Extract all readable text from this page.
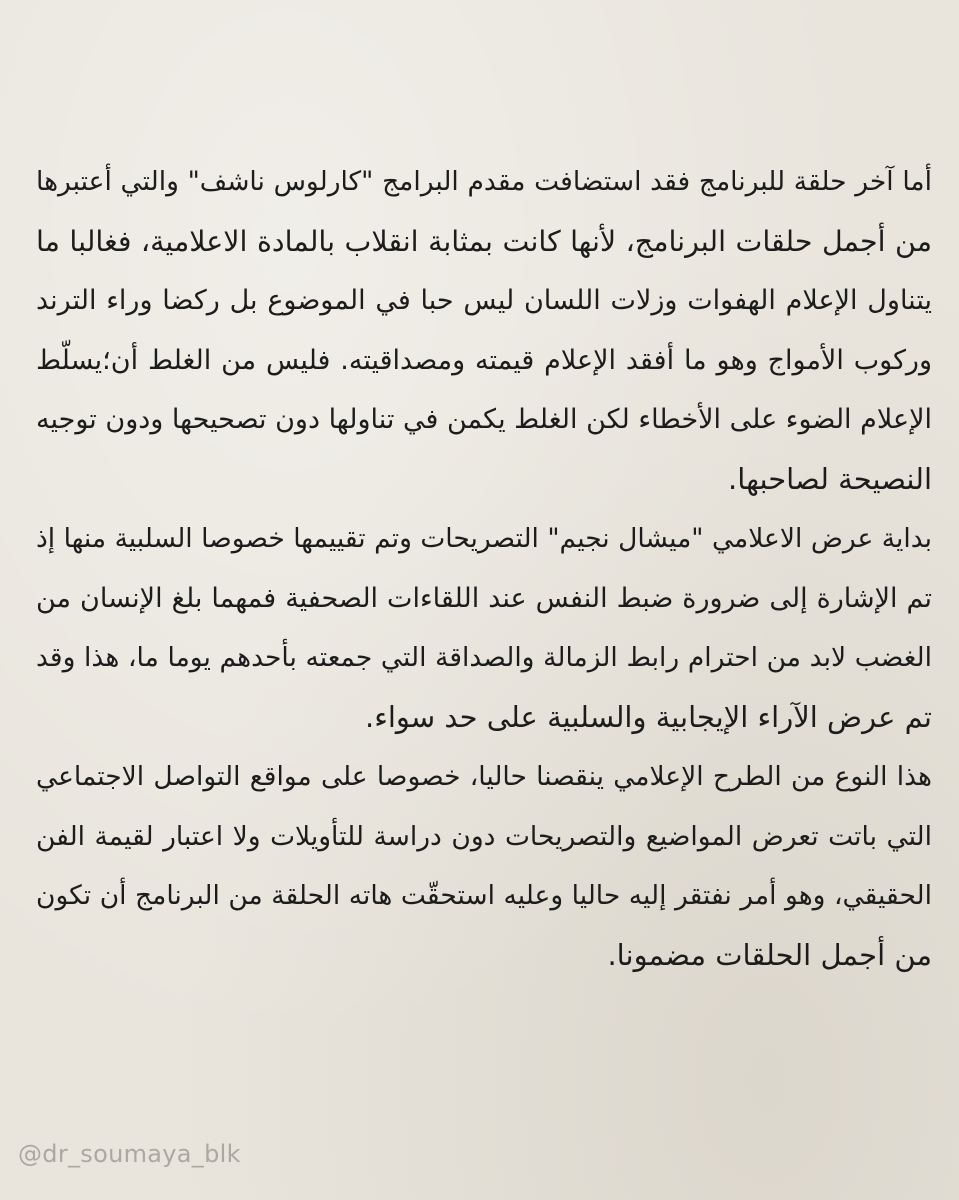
أما آخر حلقة للبرنامج فقد استضافت مقدم البرامج "كارلوس ناشف" والتي أعتبرها
من أجمل حلقات البرنامج، لأنها كانت بمثابة انقلاب بالمادة الاعلامية، فغالبا ما
يتناول الإعلام الهفوات وزلات اللسان ليس حبا في الموضوع بل ركضا وراء الترند
وركوب الأمواج وهو ما أفقد الإعلام قيمته ومصداقيته. فليس من الغلط أن؛يسلّط
الإعلام الضوء على الأخطاء لكن الغلط يكمن في تناولها دون تصحيحها ودون توجيه
النصيحة لصاحبها.
بداية عرض الاعلامي "ميشال نجيم" التصريحات وتم تقييمها خصوصا السلبية منها إذ
تم الإشارة إلى ضرورة ضبط النفس عند اللقاءات الصحفية فمهما بلغ الإنسان من
الغضب لابد من احترام رابط الزمالة والصداقة التي جمعته بأحدهم يوما ما، هذا وقد
تم عرض الآراء الإيجابية والسلبية على حد سواء.
هذا النوع من الطرح الإعلامي ينقصنا حاليا، خصوصا على مواقع التواصل الاجتماعي
التي باتت تعرض المواضيع والتصريحات دون دراسة للتأويلات ولا اعتبار لقيمة الفن
الحقيقي، وهو أمر نفتقر إليه حاليا وعليه استحقّت هاته الحلقة من البرنامج أن تكون
من أجمل الحلقات مضمونا.
@dr_soumaya_blk
